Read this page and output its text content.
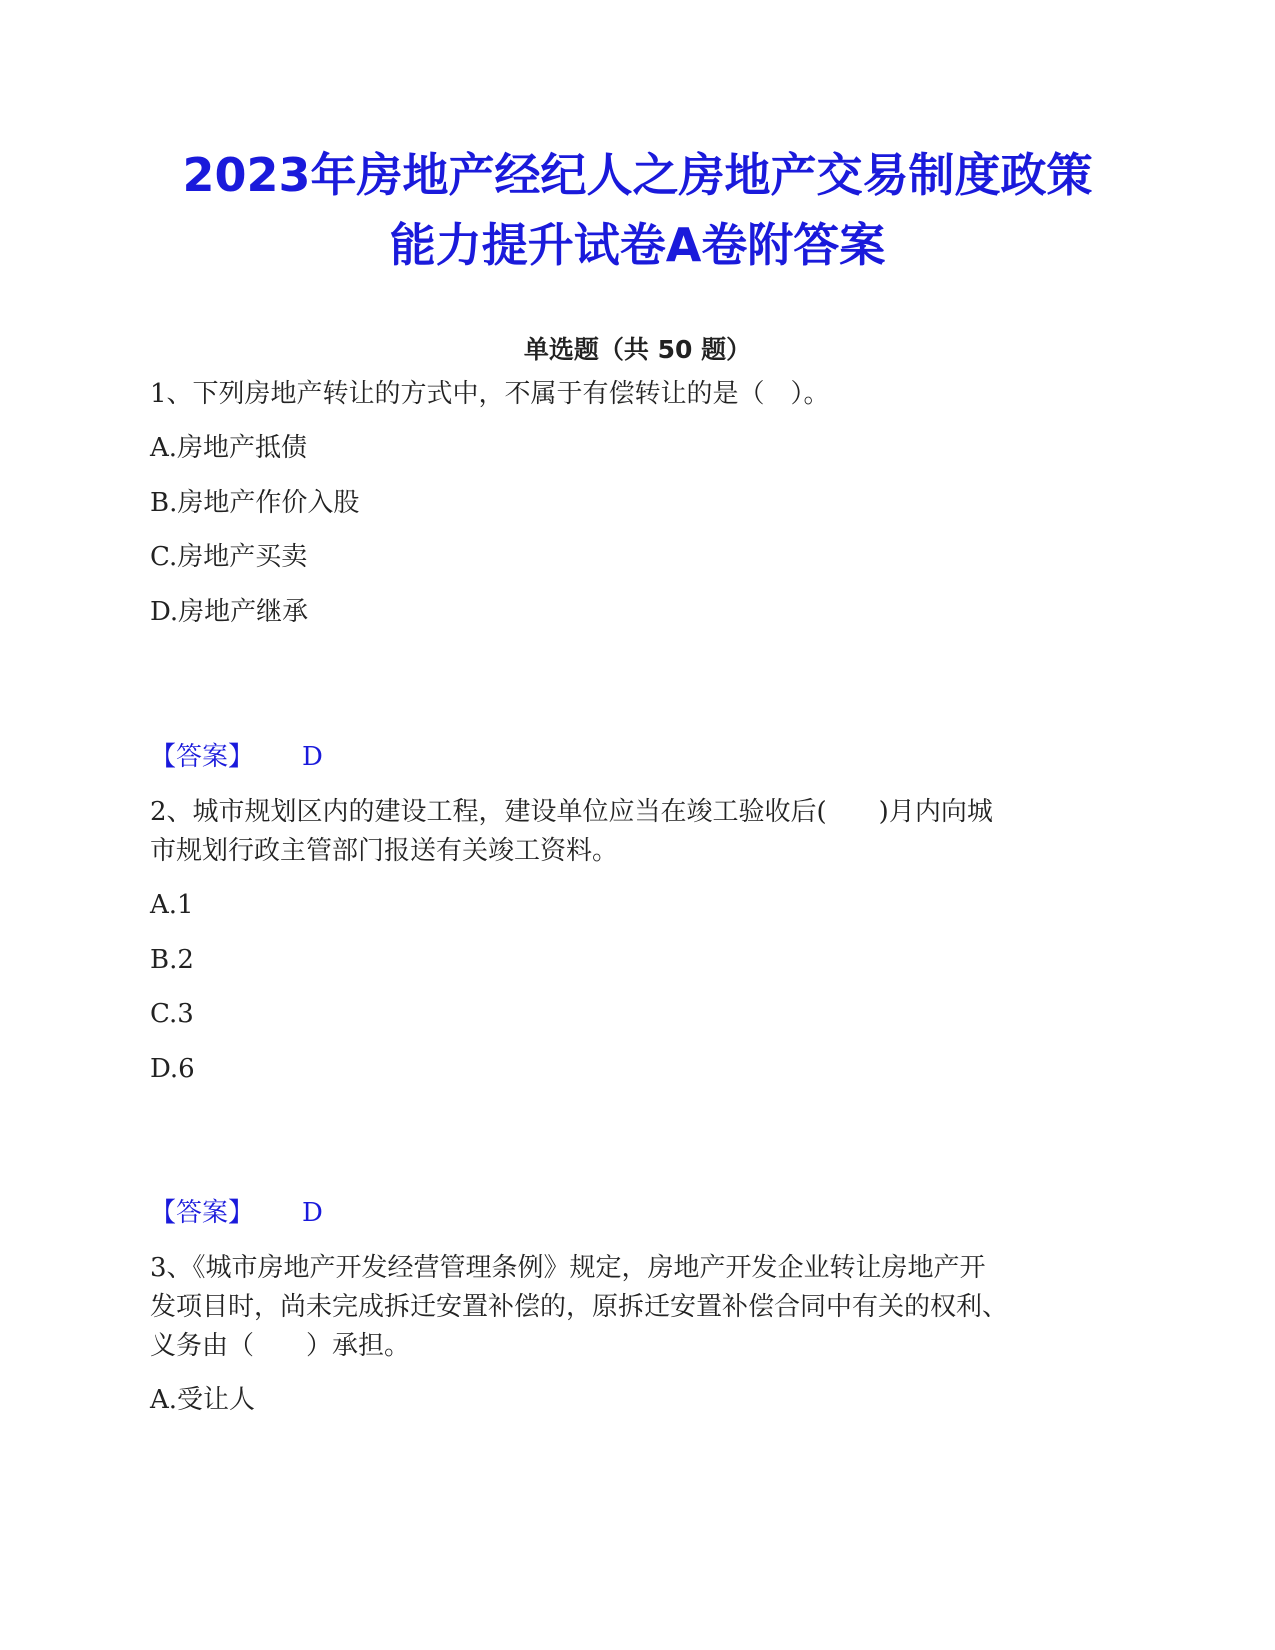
2023年房地产经纪人之房地产交易制度政策
能力提升试卷A卷附答案
单选题（共 50 题）
1、下列房地产转让的方式中，不属于有偿转让的是（　）。
A.房地产抵债
B.房地产作价入股
C.房地产买卖
D.房地产继承
【答案】 D
2、城市规划区内的建设工程，建设单位应当在竣工验收后(　　)月内向城
市规划行政主管部门报送有关竣工资料。
A.1
B.2
C.3
D.6
【答案】 D
3、《城市房地产开发经营管理条例》规定，房地产开发企业转让房地产开
发项目时，尚未完成拆迁安置补偿的，原拆迁安置补偿合同中有关的权利、
义务由（　　）承担。
A.受让人
